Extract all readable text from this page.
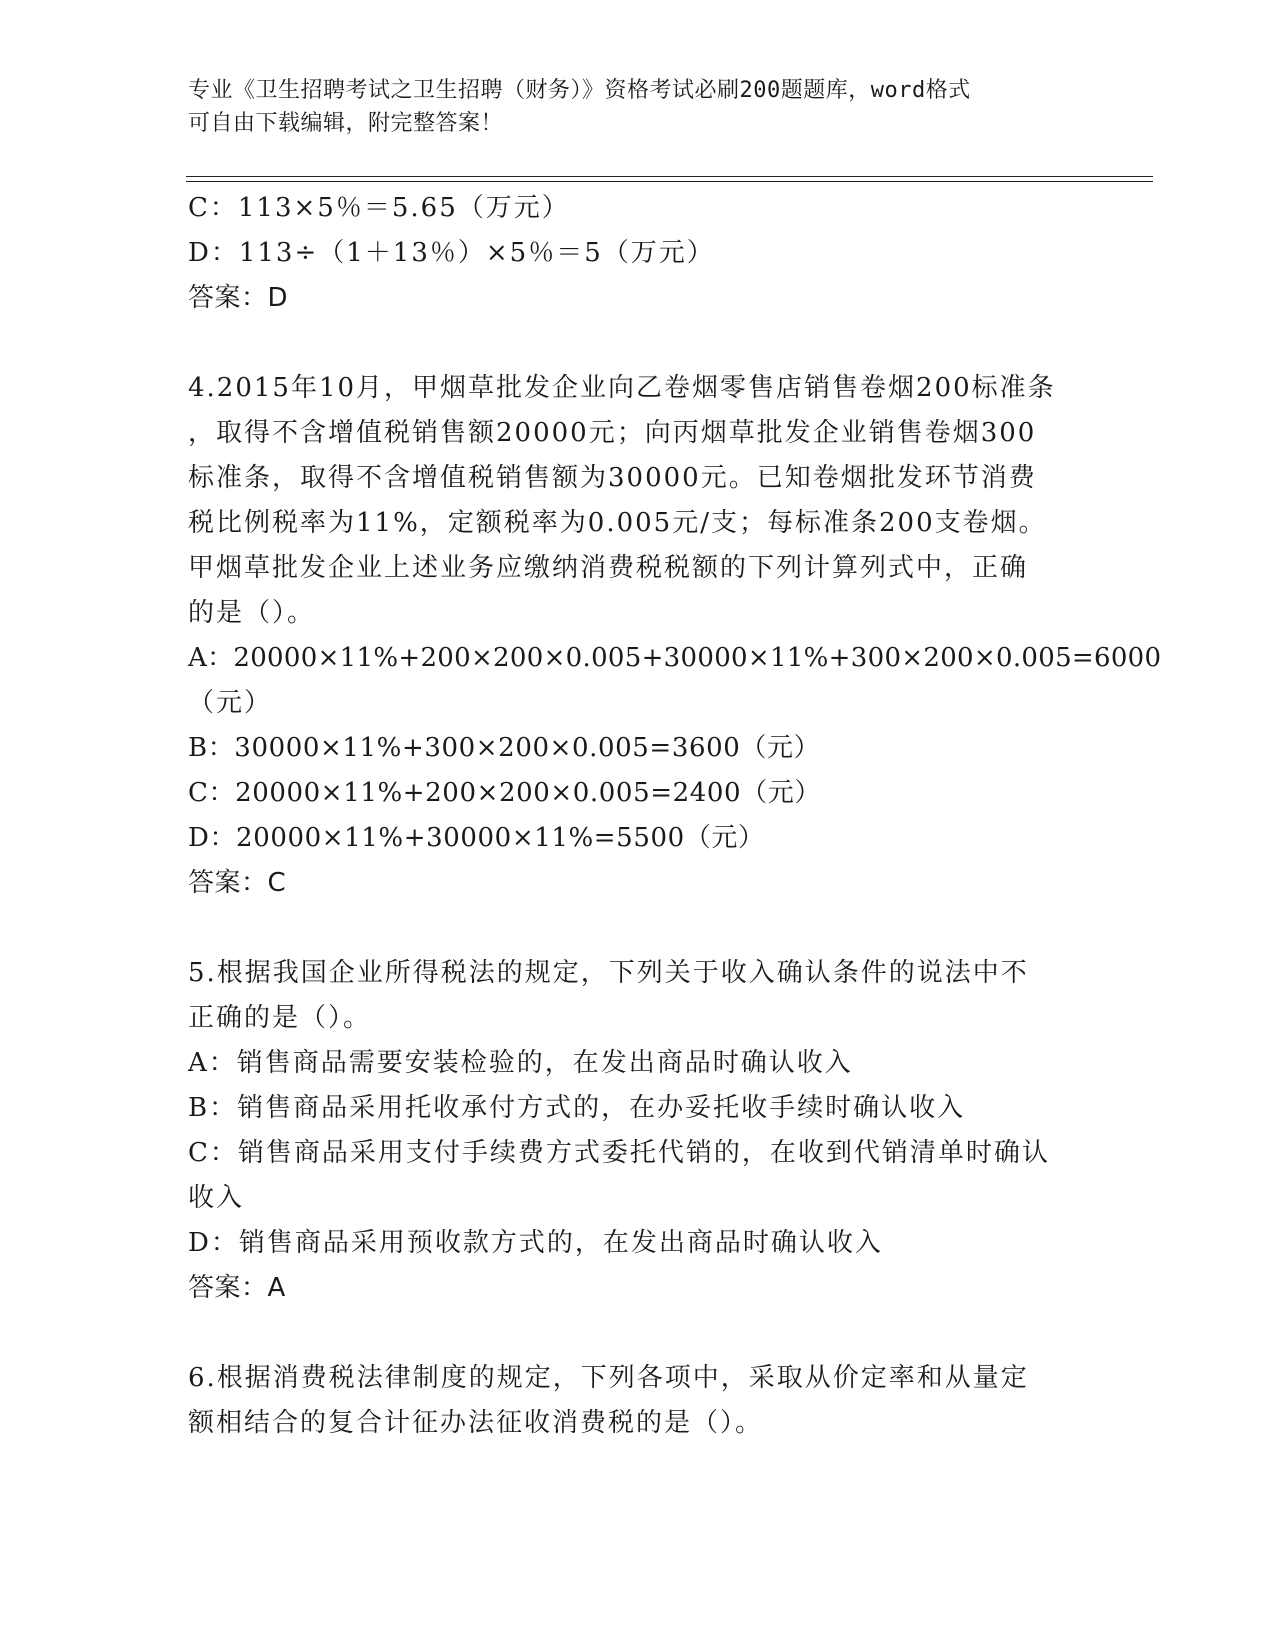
专业《卫生招聘考试之卫生招聘（财务）》资格考试必刷200题题库，word格式
可自由下载编辑，附完整答案！
C：113×5％＝5.65（万元）
D：113÷（1＋13％）×5％＝5（万元）
答案：D
4.2015年10月，甲烟草批发企业向乙卷烟零售店销售卷烟200标准条
，取得不含增值税销售额20000元；向丙烟草批发企业销售卷烟300
标准条，取得不含增值税销售额为30000元。已知卷烟批发环节消费
税比例税率为11%，定额税率为0.005元/支；每标准条200支卷烟。
甲烟草批发企业上述业务应缴纳消费税税额的下列计算列式中，正确
的是（）。
A：20000×11%+200×200×0.005+30000×11%+300×200×0.005=6000
（元）
B：30000×11%+300×200×0.005=3600（元）
C：20000×11%+200×200×0.005=2400（元）
D：20000×11%+30000×11%=5500（元）
答案：C
5.根据我国企业所得税法的规定，下列关于收入确认条件的说法中不
正确的是（）。
A：销售商品需要安装检验的，在发出商品时确认收入
B：销售商品采用托收承付方式的，在办妥托收手续时确认收入
C：销售商品采用支付手续费方式委托代销的，在收到代销清单时确认
收入
D：销售商品采用预收款方式的，在发出商品时确认收入
答案：A
6.根据消费税法律制度的规定，下列各项中，采取从价定率和从量定
额相结合的复合计征办法征收消费税的是（）。
